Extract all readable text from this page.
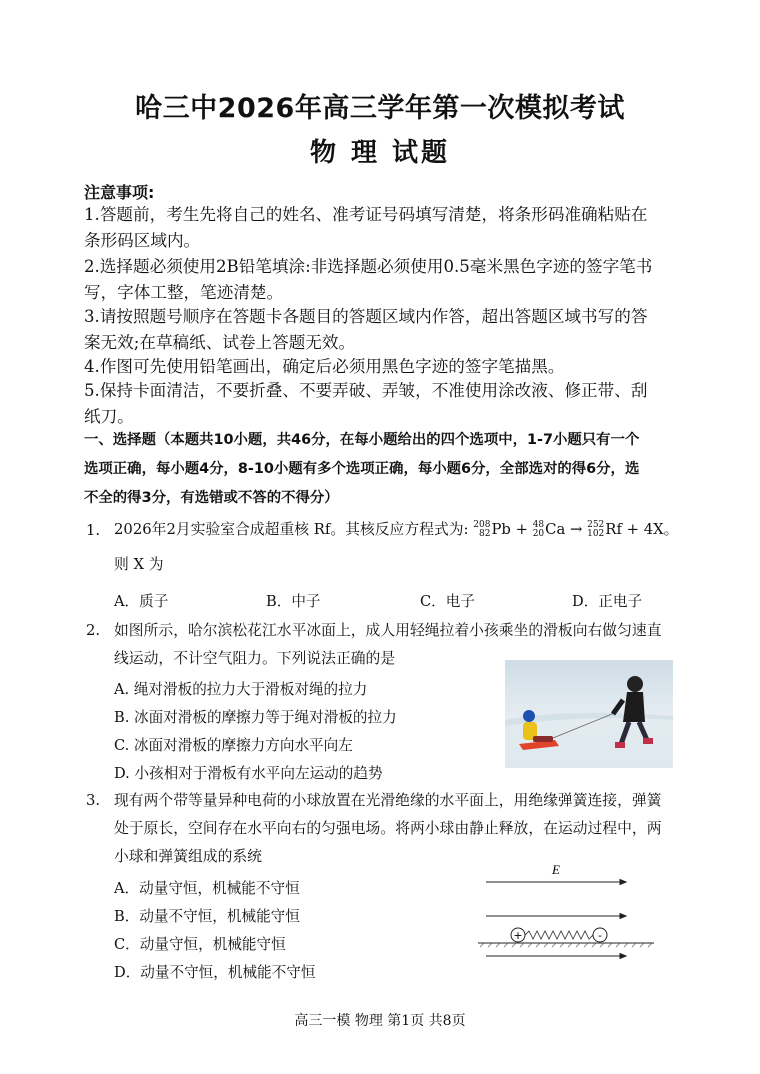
哈三中2026年高三学年第一次模拟考试
物 理 试题
注意事项:
1.答题前，考生先将自己的姓名、准考证号码填写清楚，将条形码准确粘贴在
条形码区域内。
2.选择题必须使用2B铅笔填涂:非选择题必须使用0.5毫米黑色字迹的签字笔书
写，字体工整，笔迹清楚。
3.请按照题号顺序在答题卡各题目的答题区域内作答，超出答题区域书写的答
案无效;在草稿纸、试卷上答题无效。
4.作图可先使用铅笔画出，确定后必须用黑色字迹的签字笔描黑。
5.保持卡面清洁，不要折叠、不要弄破、弄皱，不准使用涂改液、修正带、刮
纸刀。
一、选择题（本题共10小题，共46分，在每小题给出的四个选项中，1-7小题只有一个
选项正确，每小题4分，8-10小题有多个选项正确，每小题6分，全部选对的得6分，选
不全的得3分，有选错或不答的不得分）
1. 2026年2月实验室合成超重核 Rf。其核反应方程式为: 208
82 Pb + 48
20 Ca → 252
102 Rf + 4X。
则 X 为
A．质子	B．中子	C．电子	D．正电子
2. 如图所示，哈尔滨松花江水平冰面上，成人用轻绳拉着小孩乘坐的滑板向右做匀速直
线运动，不计空气阻力。下列说法正确的是
A. 绳对滑板的拉力大于滑板对绳的拉力
B. 冰面对滑板的摩擦力等于绳对滑板的拉力
C. 冰面对滑板的摩擦力方向水平向左
D. 小孩相对于滑板有水平向左运动的趋势
3. 现有两个带等量异种电荷的小球放置在光滑绝缘的水平面上，用绝缘弹簧连接，弹簧
处于原长，空间存在水平向右的匀强电场。将两小球由静止释放，在运动过程中，两
小球和弹簧组成的系统
A．动量守恒，机械能不守恒
B．动量不守恒，机械能守恒
C．动量守恒，机械能守恒
D．动量不守恒，机械能不守恒
E
+	-
高三一模 物理 第1页 共8页
